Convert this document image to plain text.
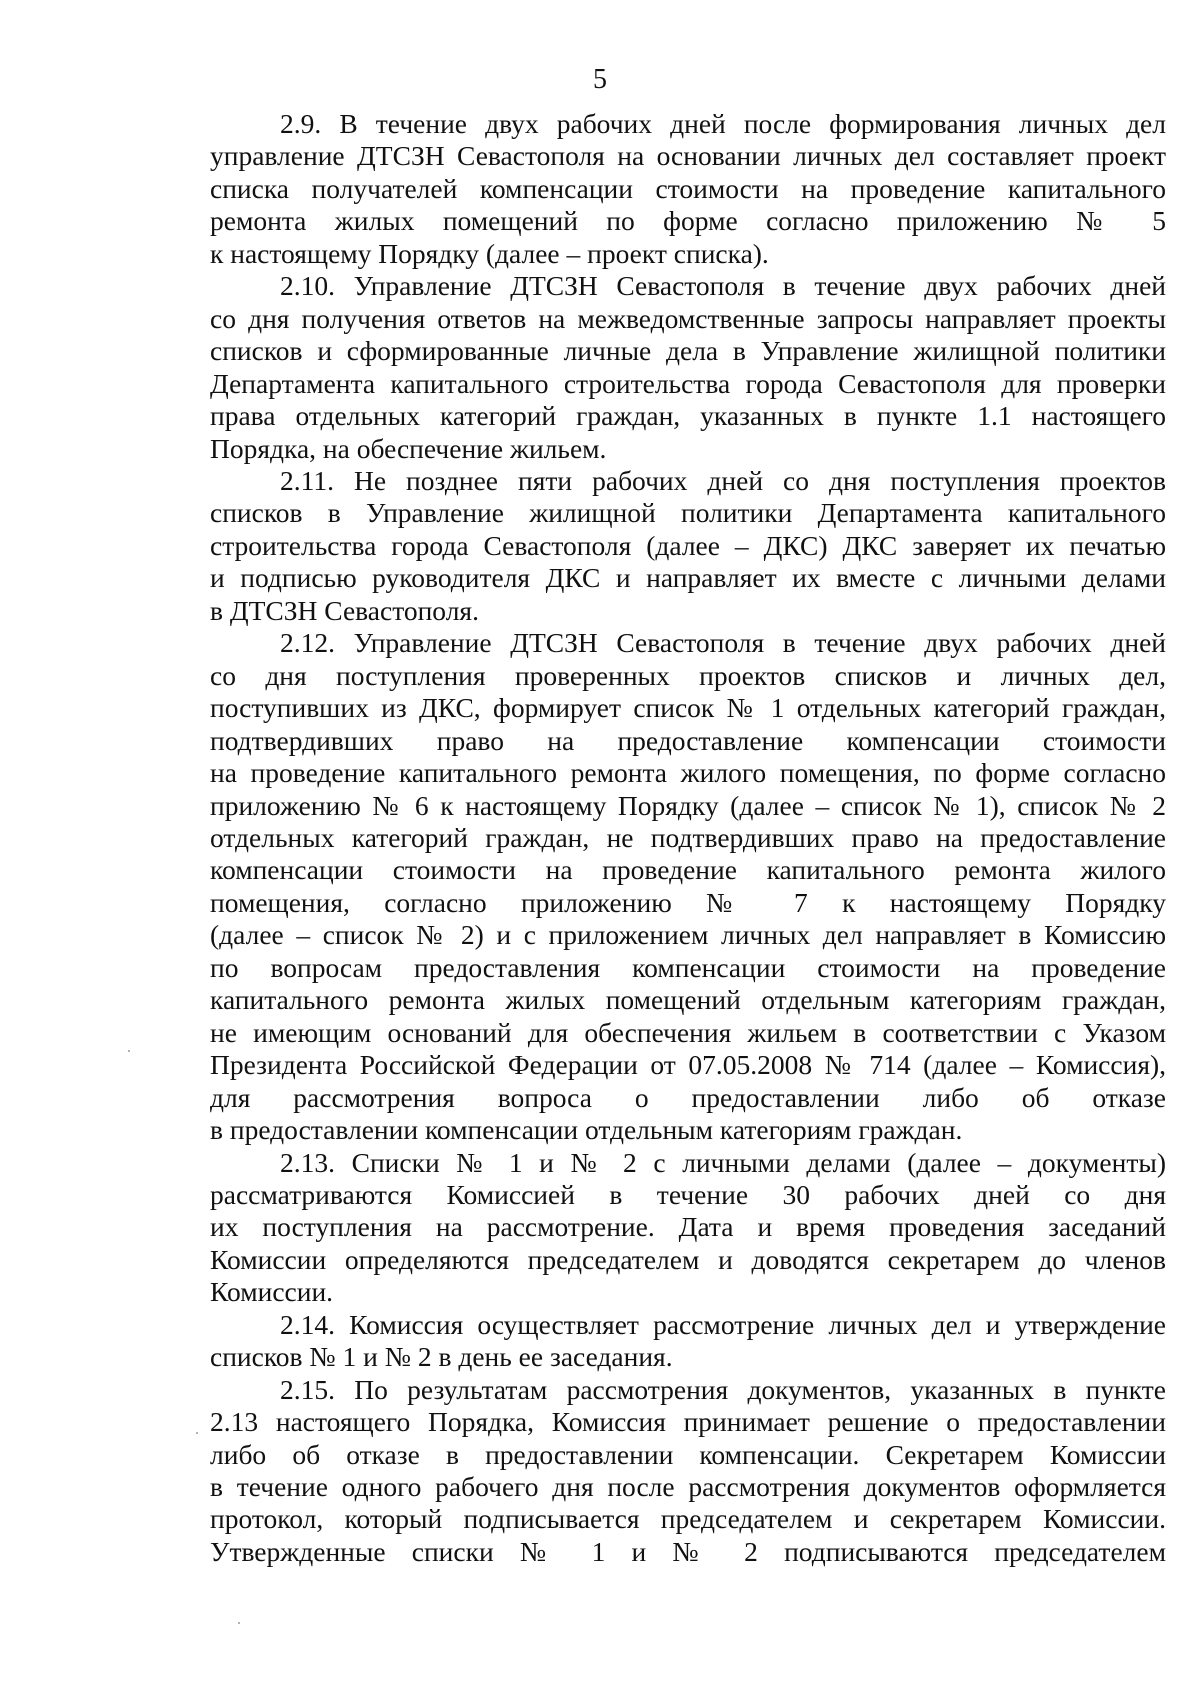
5

2.9. В течение двух рабочих дней после формирования личных дел
управление ДТСЗН Севастополя на основании личных дел составляет проект
списка получателей компенсации стоимости на проведение капитального
ремонта жилых помещений по форме согласно приложению № 5
к настоящему Порядку (далее – проект списка).

2.10. Управление ДТСЗН Севастополя в течение двух рабочих дней
со дня получения ответов на межведомственные запросы направляет проекты
списков и сформированные личные дела в Управление жилищной политики
Департамента капитального строительства города Севастополя для проверки
права отдельных категорий граждан, указанных в пункте 1.1 настоящего
Порядка, на обеспечение жильем.

2.11. Не позднее пяти рабочих дней со дня поступления проектов
списков в Управление жилищной политики Департамента капитального
строительства города Севастополя (далее – ДКС) ДКС заверяет их печатью
и подписью руководителя ДКС и направляет их вместе с личными делами
в ДТСЗН Севастополя.

2.12. Управление ДТСЗН Севастополя в течение двух рабочих дней
со дня поступления проверенных проектов списков и личных дел,
поступивших из ДКС, формирует список № 1 отдельных категорий граждан,
подтвердивших право на предоставление компенсации стоимости
на проведение капитального ремонта жилого помещения, по форме согласно
приложению № 6 к настоящему Порядку (далее – список № 1), список № 2
отдельных категорий граждан, не подтвердивших право на предоставление
компенсации стоимости на проведение капитального ремонта жилого
помещения, согласно приложению № 7 к настоящему Порядку
(далее – список № 2) и с приложением личных дел направляет в Комиссию
по вопросам предоставления компенсации стоимости на проведение
капитального ремонта жилых помещений отдельным категориям граждан,
не имеющим оснований для обеспечения жильем в соответствии с Указом
Президента Российской Федерации от 07.05.2008 № 714 (далее – Комиссия),
для рассмотрения вопроса о предоставлении либо об отказе
в предоставлении компенсации отдельным категориям граждан.

2.13. Списки № 1 и № 2 с личными делами (далее – документы)
рассматриваются Комиссией в течение 30 рабочих дней со дня
их поступления на рассмотрение. Дата и время проведения заседаний
Комиссии определяются председателем и доводятся секретарем до членов
Комиссии.

2.14. Комиссия осуществляет рассмотрение личных дел и утверждение
списков № 1 и № 2 в день ее заседания.

2.15. По результатам рассмотрения документов, указанных в пункте
2.13 настоящего Порядка, Комиссия принимает решение о предоставлении
либо об отказе в предоставлении компенсации. Секретарем Комиссии
в течение одного рабочего дня после рассмотрения документов оформляется
протокол, который подписывается председателем и секретарем Комиссии.
Утвержденные списки № 1 и № 2 подписываются председателем
